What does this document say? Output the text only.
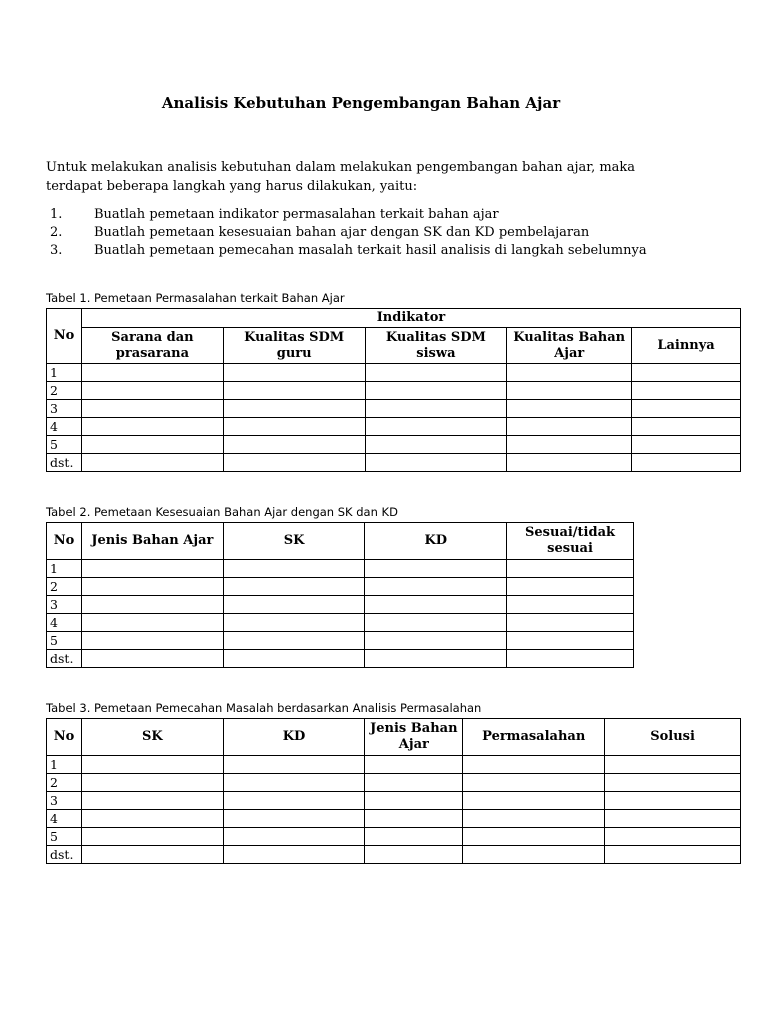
Analisis Kebutuhan Pengembangan Bahan Ajar
Untuk melakukan analisis kebutuhan dalam melakukan pengembangan bahan ajar, maka terdapat beberapa langkah yang harus dilakukan, yaitu:
1.	Buatlah pemetaan indikator permasalahan terkait bahan ajar
2.	Buatlah pemetaan kesesuaian bahan ajar dengan SK dan KD pembelajaran
3.	Buatlah pemetaan pemecahan masalah terkait hasil analisis di langkah sebelumnya
Tabel 1. Pemetaan Permasalahan terkait Bahan Ajar
No	Indikator				
	Sarana dan prasarana	Kualitas SDM guru	Kualitas SDM siswa	Kualitas Bahan Ajar	Lainnya
1					
2					
3					
4					
5					
dst.					
Tabel 2. Pemetaan Kesesuaian Bahan Ajar dengan SK dan KD
No	Jenis Bahan Ajar	SK	KD	Sesuai/tidak sesuai
1				
2				
3				
4				
5				
dst.				
Tabel 3. Pemetaan Pemecahan Masalah berdasarkan Analisis Permasalahan
No	SK	KD	Jenis Bahan Ajar	Permasalahan	Solusi
1					
2					
3					
4					
5					
dst.					
